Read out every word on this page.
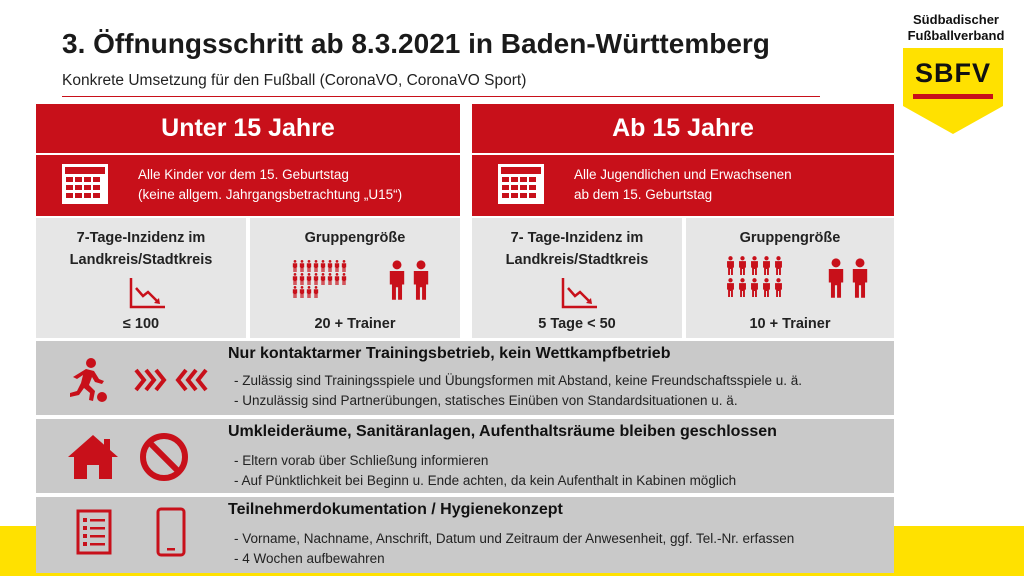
3. Öffnungsschritt ab 8.3.2021 in Baden-Württemberg
Konkrete Umsetzung für den Fußball (CoronaVO, CoronaVO Sport)
Südbadischer
Fußballverband
SBFV
Unter 15 Jahre
Alle Kinder vor dem 15. Geburtstag
(keine allgem. Jahrgangsbetrachtung „U15“)
7-Tage-Inzidenz im
Landkreis/Stadtkreis
≤ 100
Gruppengröße
20 + Trainer
Ab 15 Jahre
Alle Jugendlichen und Erwachsenen
ab dem 15. Geburtstag
7- Tage-Inzidenz im
Landkreis/Stadtkreis
5 Tage < 50
Gruppengröße
10 + Trainer
Nur kontaktarmer Trainingsbetrieb, kein Wettkampfbetrieb
- Zulässig sind Trainingsspiele und Übungsformen mit Abstand, keine Freundschaftsspiele u. ä.
- Unzulässig sind Partnerübungen, statisches Einüben von Standardsituationen u. ä.
Umkleideräume, Sanitäranlagen, Aufenthaltsräume bleiben geschlossen
- Eltern vorab über Schließung informieren
- Auf Pünktlichkeit bei Beginn u. Ende achten, da kein Aufenthalt in Kabinen möglich
Teilnehmerdokumentation / Hygienekonzept
- Vorname, Nachname, Anschrift, Datum und Zeitraum der Anwesenheit, ggf. Tel.-Nr. erfassen
- 4 Wochen aufbewahren
